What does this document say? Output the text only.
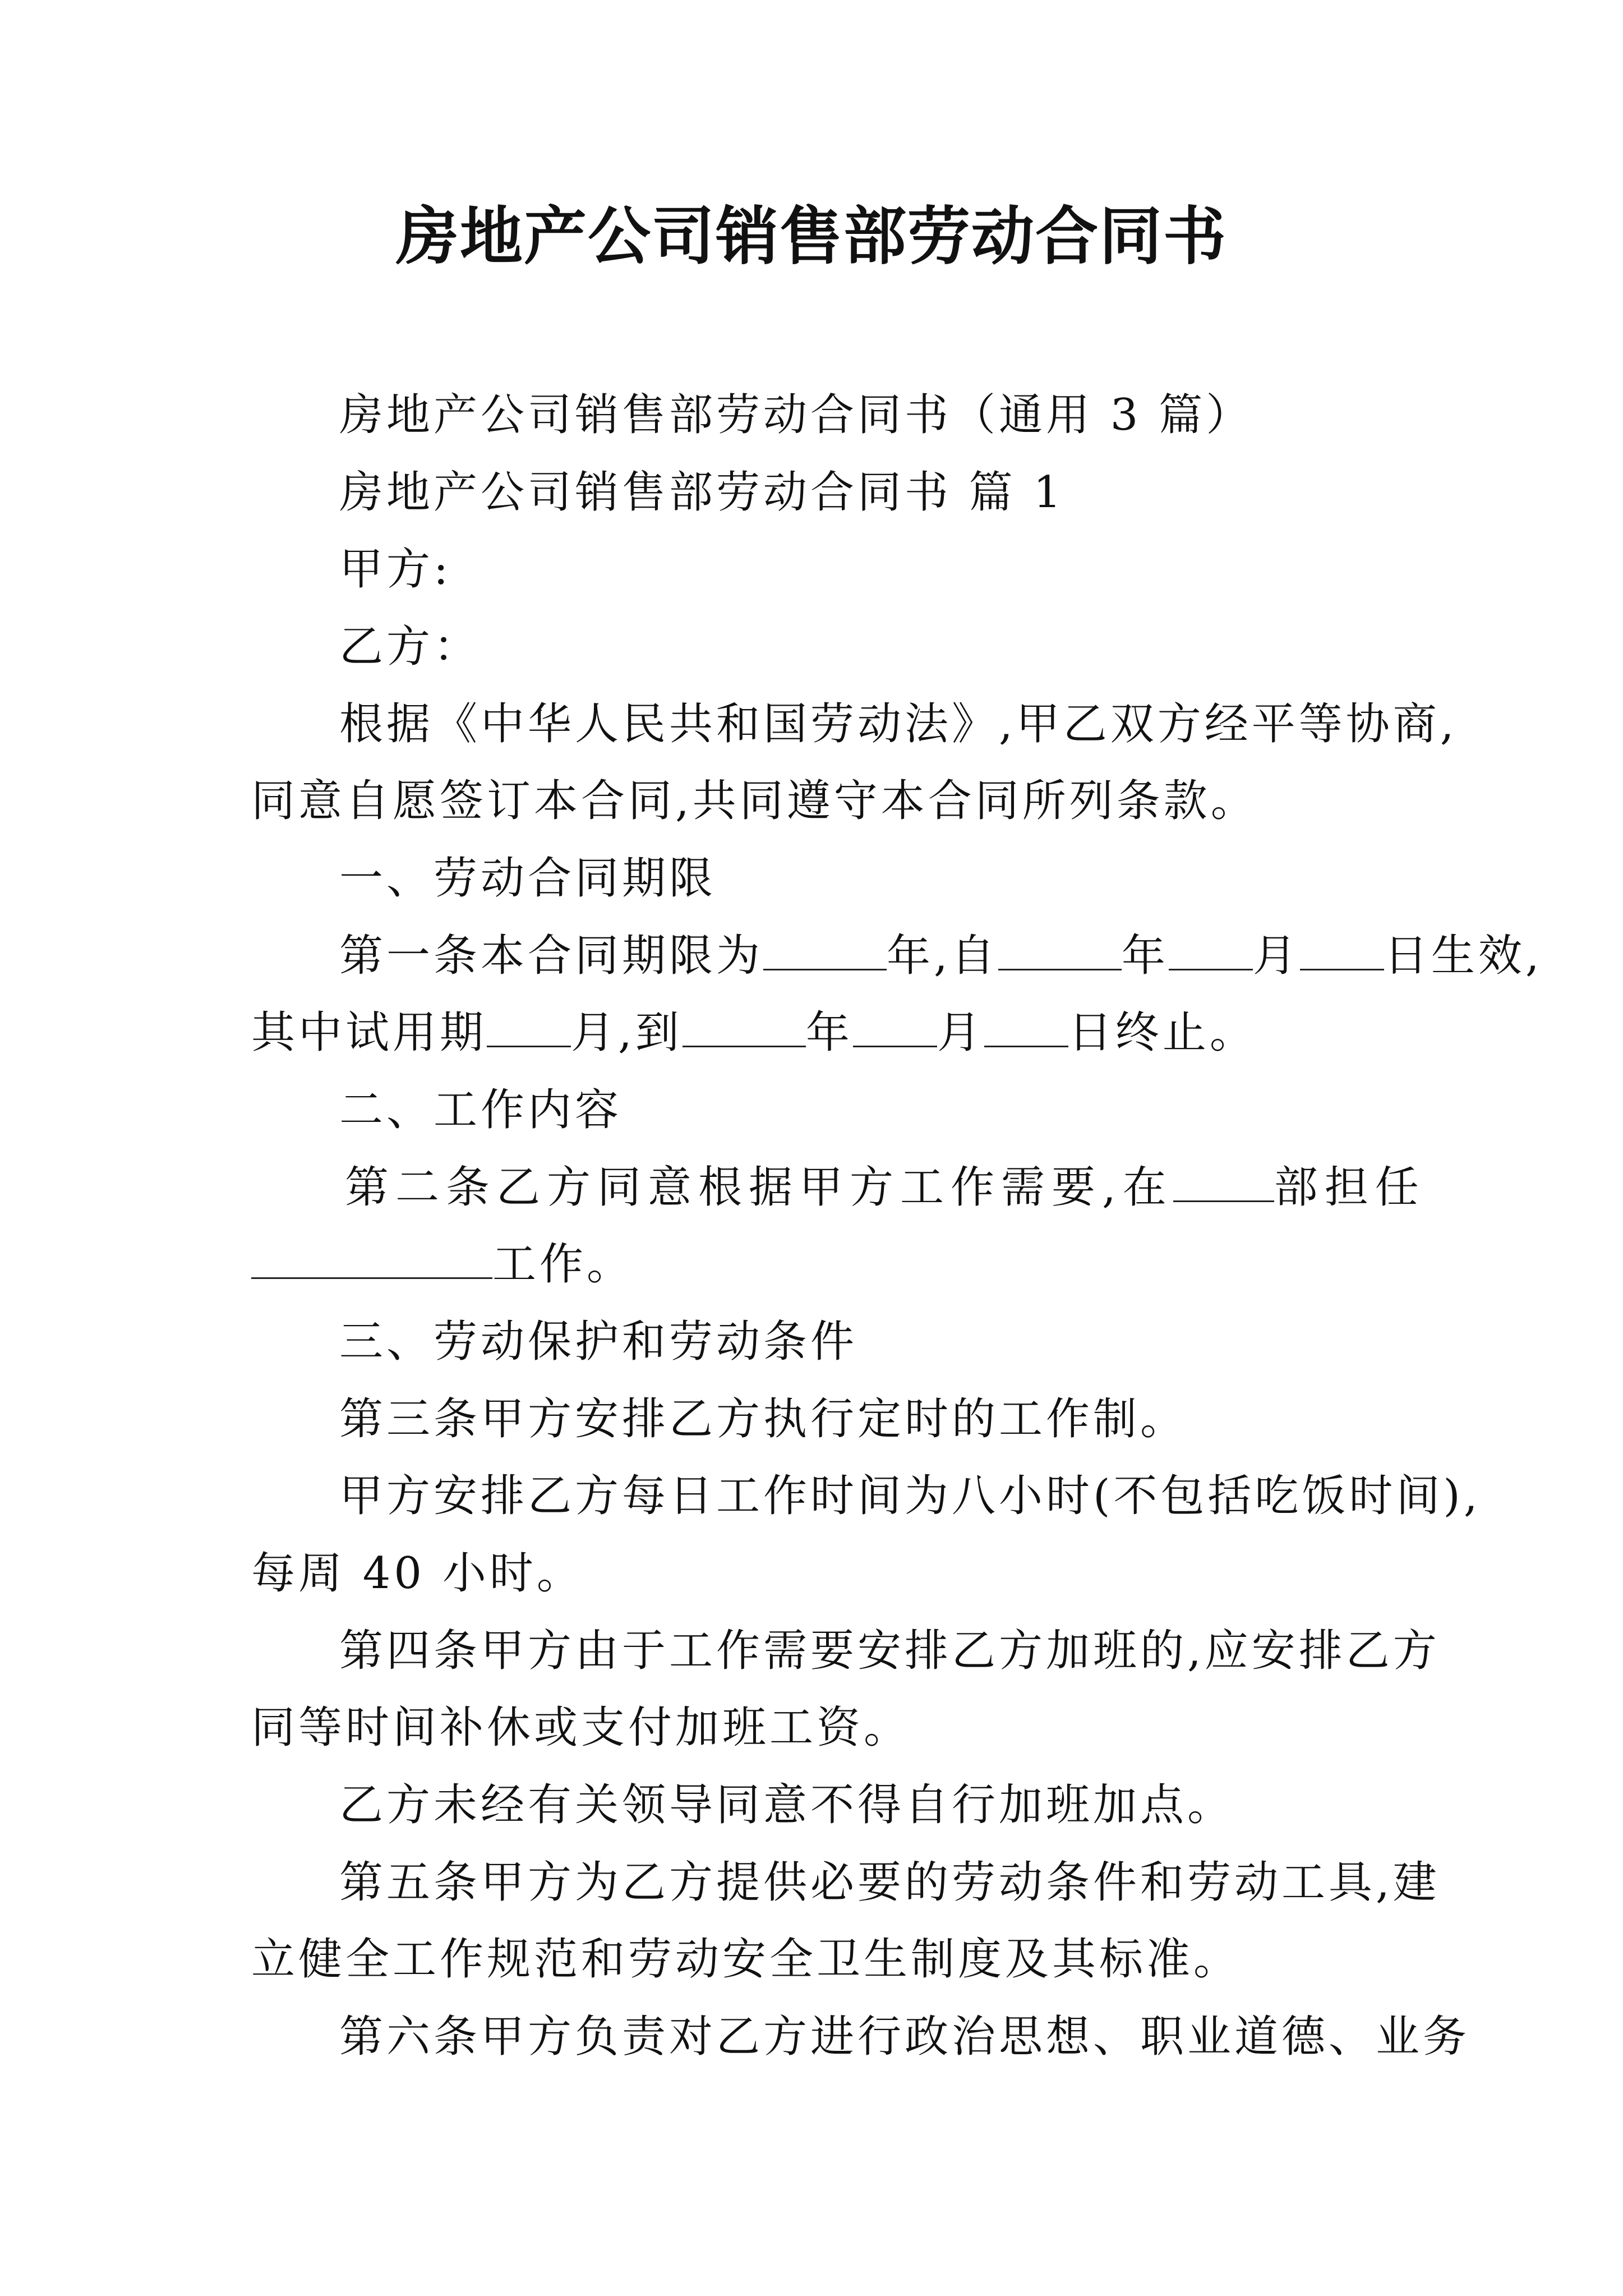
房地产公司销售部劳动合同书
房地产公司销售部劳动合同书（通用 3 篇）
房地产公司销售部劳动合同书 篇 1
甲方:
乙方：
根据《中华人民共和国劳动法》,甲乙双方经平等协商,
同意自愿签订本合同,共同遵守本合同所列条款。
一、劳动合同期限
第一条本合同期限为	年,自	年 月 日生效,
其中试用期 月,到	年 月 日终止。
二、工作内容
第二条乙方同意根据甲方工作需要,在 部担任
工作。
三、劳动保护和劳动条件
第三条甲方安排乙方执行定时的工作制。
甲方安排乙方每日工作时间为八小时(不包括吃饭时间),
每周 40 小时。
第四条甲方由于工作需要安排乙方加班的,应安排乙方
同等时间补休或支付加班工资。
乙方未经有关领导同意不得自行加班加点。
第五条甲方为乙方提供必要的劳动条件和劳动工具,建
立健全工作规范和劳动安全卫生制度及其标准。
第六条甲方负责对乙方进行政治思想、职业道德、业务
